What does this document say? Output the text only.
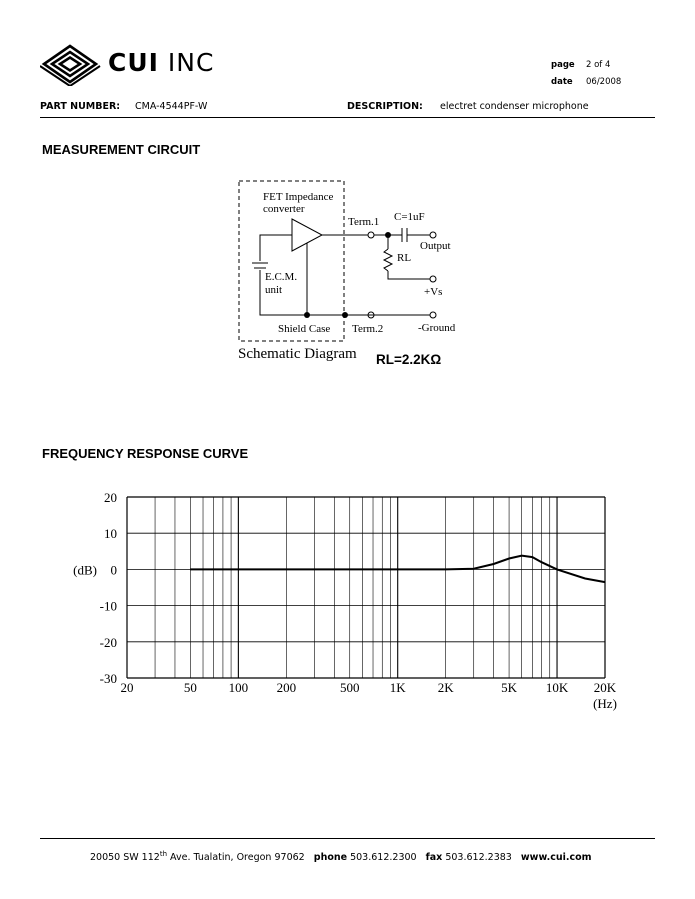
CUI INC	page 2 of 4
date 06/2008
PART NUMBER: CMA-4544PF-W	DESCRIPTION: electret condenser microphone
MEASUREMENT CIRCUIT
FET Impedance
converter
E.C.M.
unit
Shield Case
Term.1
Term.2
C=1uF
Output
RL
+Vs
-Ground
Schematic Diagram RL=2.2KΩ
FREQUENCY RESPONSE CURVE
20
10
0
-10
-20
-30
20	50 100 200	500 1K 2K	5K 10K 20K
(dB)
(Hz)
20050 SW 112th Ave. Tualatin, Oregon 97062 phone 503.612.2300 fax 503.612.2383 www.cui.com
